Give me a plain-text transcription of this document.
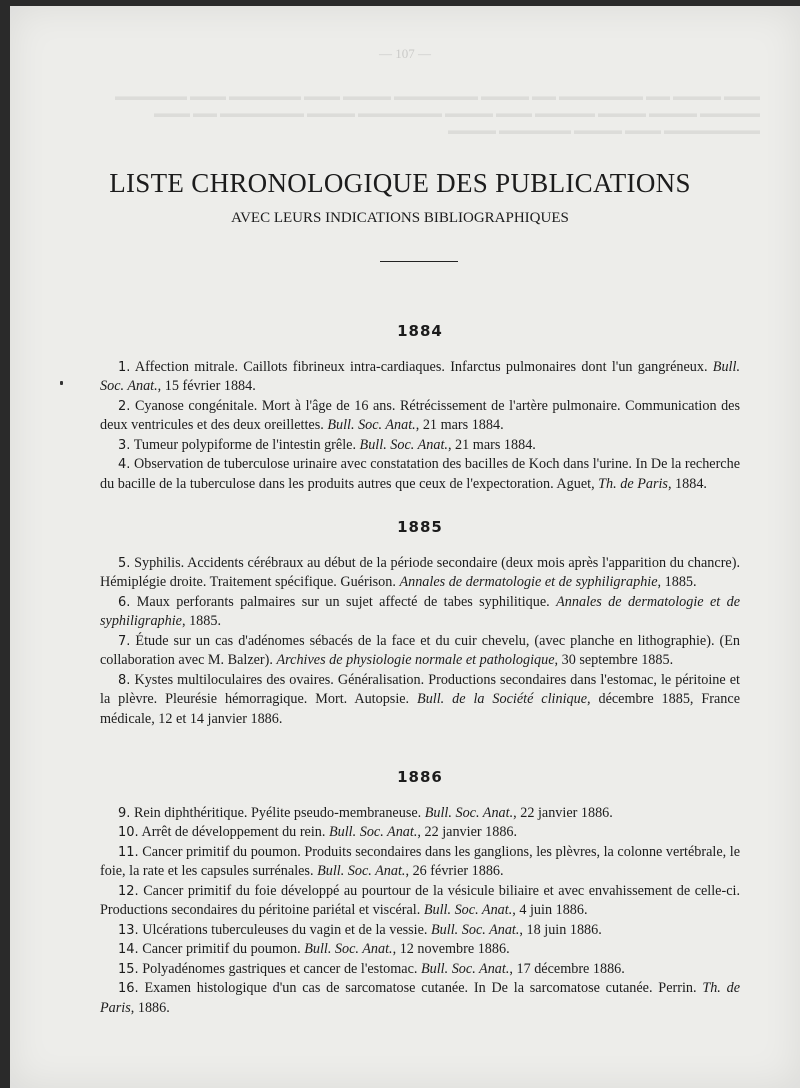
▬▬▬ ▬▬▬▬ ▬▬ ▬▬▬▬▬▬▬ ▬▬ ▬▬▬▬ ▬▬▬▬▬▬▬ ▬▬▬▬ ▬▬▬ ▬▬▬▬▬▬ ▬▬▬ ▬▬▬▬▬▬ ▬▬▬▬▬ ▬▬▬▬ ▬▬▬▬ ▬▬▬▬▬ ▬▬▬ ▬▬▬▬ ▬▬▬▬▬▬▬ ▬▬▬▬ ▬▬▬▬▬▬▬ ▬▬ ▬▬▬ ▬▬▬▬▬▬▬▬ ▬▬▬ ▬▬▬▬ ▬▬▬▬▬▬ ▬▬▬▬
— 107 —
LISTE CHRONOLOGIQUE DES PUBLICATIONS
AVEC LEURS INDICATIONS BIBLIOGRAPHIQUES
1884

1. Affection mitrale. Caillots fibrineux intra-cardiaques. Infarctus pulmonaires dont l'un gangréneux. Bull. Soc. Anat., 15 février 1884.

2. Cyanose congénitale. Mort à l'âge de 16 ans. Rétrécissement de l'artère pulmonaire. Communication des deux ventricules et des deux oreillettes. Bull. Soc. Anat., 21 mars 1884.

3. Tumeur polypiforme de l'intestin grêle. Bull. Soc. Anat., 21 mars 1884.

4. Observation de tuberculose urinaire avec constatation des bacilles de Koch dans l'urine. In De la recherche du bacille de la tuberculose dans les produits autres que ceux de l'expectoration. Aguet, Th. de Paris, 1884.

1885

5. Syphilis. Accidents cérébraux au début de la période secondaire (deux mois après l'apparition du chancre). Hémiplégie droite. Traitement spécifique. Guérison. Annales de dermatologie et de syphiligraphie, 1885.

6. Maux perforants palmaires sur un sujet affecté de tabes syphilitique. Annales de dermatologie et de syphiligraphie, 1885.

7. Étude sur un cas d'adénomes sébacés de la face et du cuir chevelu, (avec planche en lithographie). (En collaboration avec M. Balzer). Archives de physiologie normale et pathologique, 30 septembre 1885.

8. Kystes multiloculaires des ovaires. Généralisation. Productions secondaires dans l'estomac, le péritoine et la plèvre. Pleurésie hémorragique. Mort. Autopsie. Bull. de la Société clinique, décembre 1885, France médicale, 12 et 14 janvier 1886.

1886

9. Rein diphthéritique. Pyélite pseudo-membraneuse. Bull. Soc. Anat., 22 janvier 1886.

10. Arrêt de développement du rein. Bull. Soc. Anat., 22 janvier 1886.

11. Cancer primitif du poumon. Produits secondaires dans les ganglions, les plèvres, la colonne vertébrale, le foie, la rate et les capsules surrénales. Bull. Soc. Anat., 26 février 1886.

12. Cancer primitif du foie développé au pourtour de la vésicule biliaire et avec envahissement de celle-ci. Productions secondaires du péritoine pariétal et viscéral. Bull. Soc. Anat., 4 juin 1886.

13. Ulcérations tuberculeuses du vagin et de la vessie. Bull. Soc. Anat., 18 juin 1886.

14. Cancer primitif du poumon. Bull. Soc. Anat., 12 novembre 1886.

15. Polyadénomes gastriques et cancer de l'estomac. Bull. Soc. Anat., 17 décembre 1886.

16. Examen histologique d'un cas de sarcomatose cutanée. In De la sarcomatose cutanée. Perrin. Th. de Paris, 1886.
